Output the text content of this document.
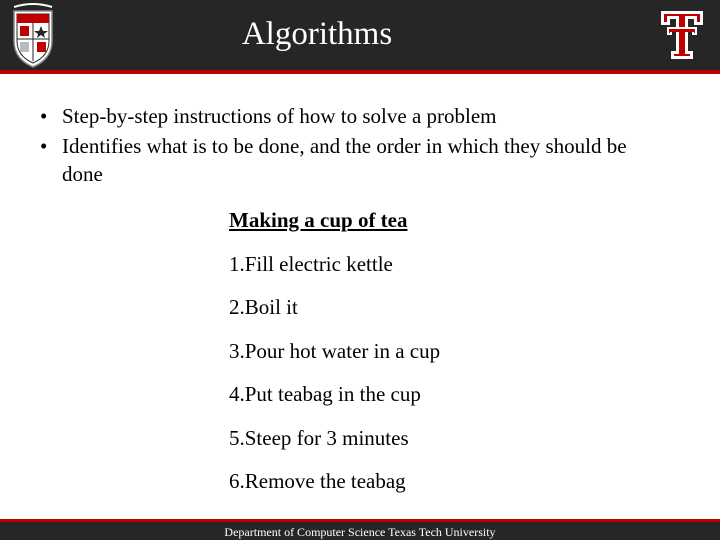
Algorithms
• Step-by-step instructions of how to solve a problem
• Identifies what is to be done, and the order in which they should be done
Making a cup of tea
1.Fill electric kettle
2.Boil it
3.Pour hot water in a cup
4.Put teabag in the cup
5.Steep for 3 minutes
6.Remove the teabag
Department of Computer Science Texas Tech University
